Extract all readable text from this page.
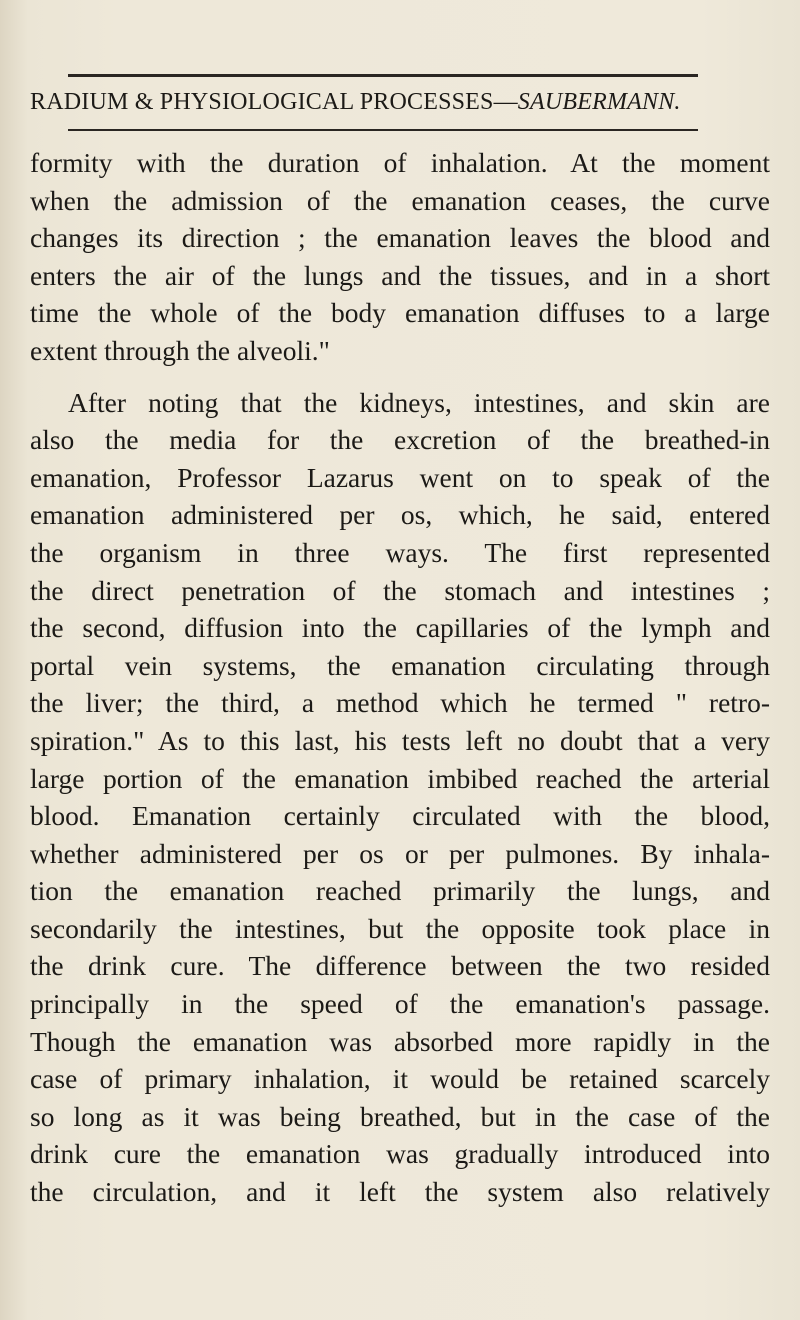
RADIUM & PHYSIOLOGICAL PROCESSES—SAUBERMANN.
formity with the duration of inhalation. At the moment
when the admission of the emanation ceases, the curve
changes its direction ; the emanation leaves the blood and
enters the air of the lungs and the tissues, and in a short
time the whole of the body emanation diffuses to a large
extent through the alveoli."
After noting that the kidneys, intestines, and skin are
also the media for the excretion of the breathed-in
emanation, Professor Lazarus went on to speak of the
emanation administered per os, which, he said, entered
the organism in three ways. The first represented
the direct penetration of the stomach and intestines ;
the second, diffusion into the capillaries of the lymph and
portal vein systems, the emanation circulating through
the liver; the third, a method which he termed " retro-
spiration." As to this last, his tests left no doubt that a very
large portion of the emanation imbibed reached the arterial
blood. Emanation certainly circulated with the blood,
whether administered per os or per pulmones. By inhala-
tion the emanation reached primarily the lungs, and
secondarily the intestines, but the opposite took place in
the drink cure. The difference between the two resided
principally in the speed of the emanation's passage.
Though the emanation was absorbed more rapidly in the
case of primary inhalation, it would be retained scarcely
so long as it was being breathed, but in the case of the
drink cure the emanation was gradually introduced into
the circulation, and it left the system also relatively
